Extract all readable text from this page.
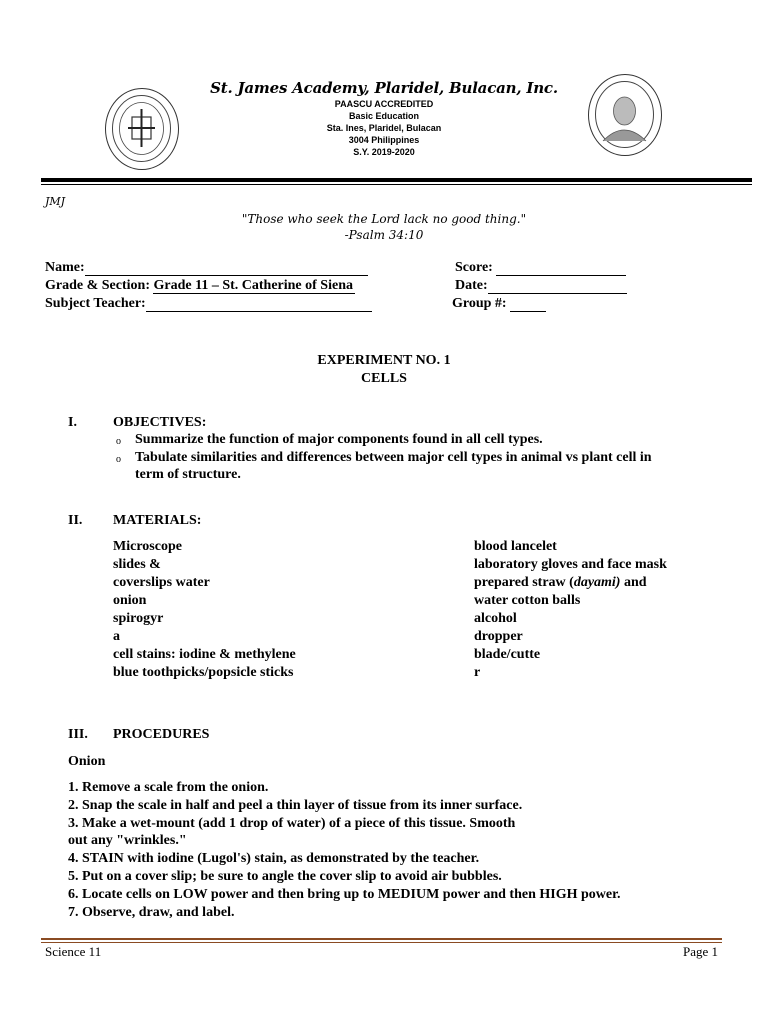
St. James Academy, Plaridel, Bulacan, Inc.
PAASCU ACCREDITED
Basic Education
Sta. Ines, Plaridel, Bulacan
3004 Philippines
S.Y. 2019-2020
JMJ
"Those who seek the Lord lack no good thing."
-Psalm 34:10
Name:
Grade & Section: Grade 11 – St. Catherine of Siena
Subject Teacher:
Score:
Date:
Group #:
EXPERIMENT NO. 1
CELLS
I.	OBJECTIVES:
o Summarize the function of major components found in all cell types.
o Tabulate similarities and differences between major cell types in animal vs plant cell in
term of structure.
II. MATERIALS:
Microscope
slides &
coverslips water
onion
spirogyr
a
cell stains: iodine & methylene
blue toothpicks/popsicle sticks
blood lancelet
laboratory gloves and face mask
prepared straw (dayami) and
water cotton balls
alcohol
dropper
blade/cutte
r
III. PROCEDURES
Onion
1. Remove a scale from the onion.
2. Snap the scale in half and peel a thin layer of tissue from its inner surface.
3. Make a wet-mount (add 1 drop of water) of a piece of this tissue. Smooth
out any "wrinkles."
4. STAIN with iodine (Lugol's) stain, as demonstrated by the teacher.
5. Put on a cover slip; be sure to angle the cover slip to avoid air bubbles.
6. Locate cells on LOW power and then bring up to MEDIUM power and then HIGH power.
7. Observe, draw, and label.
Science 11	Page 1
